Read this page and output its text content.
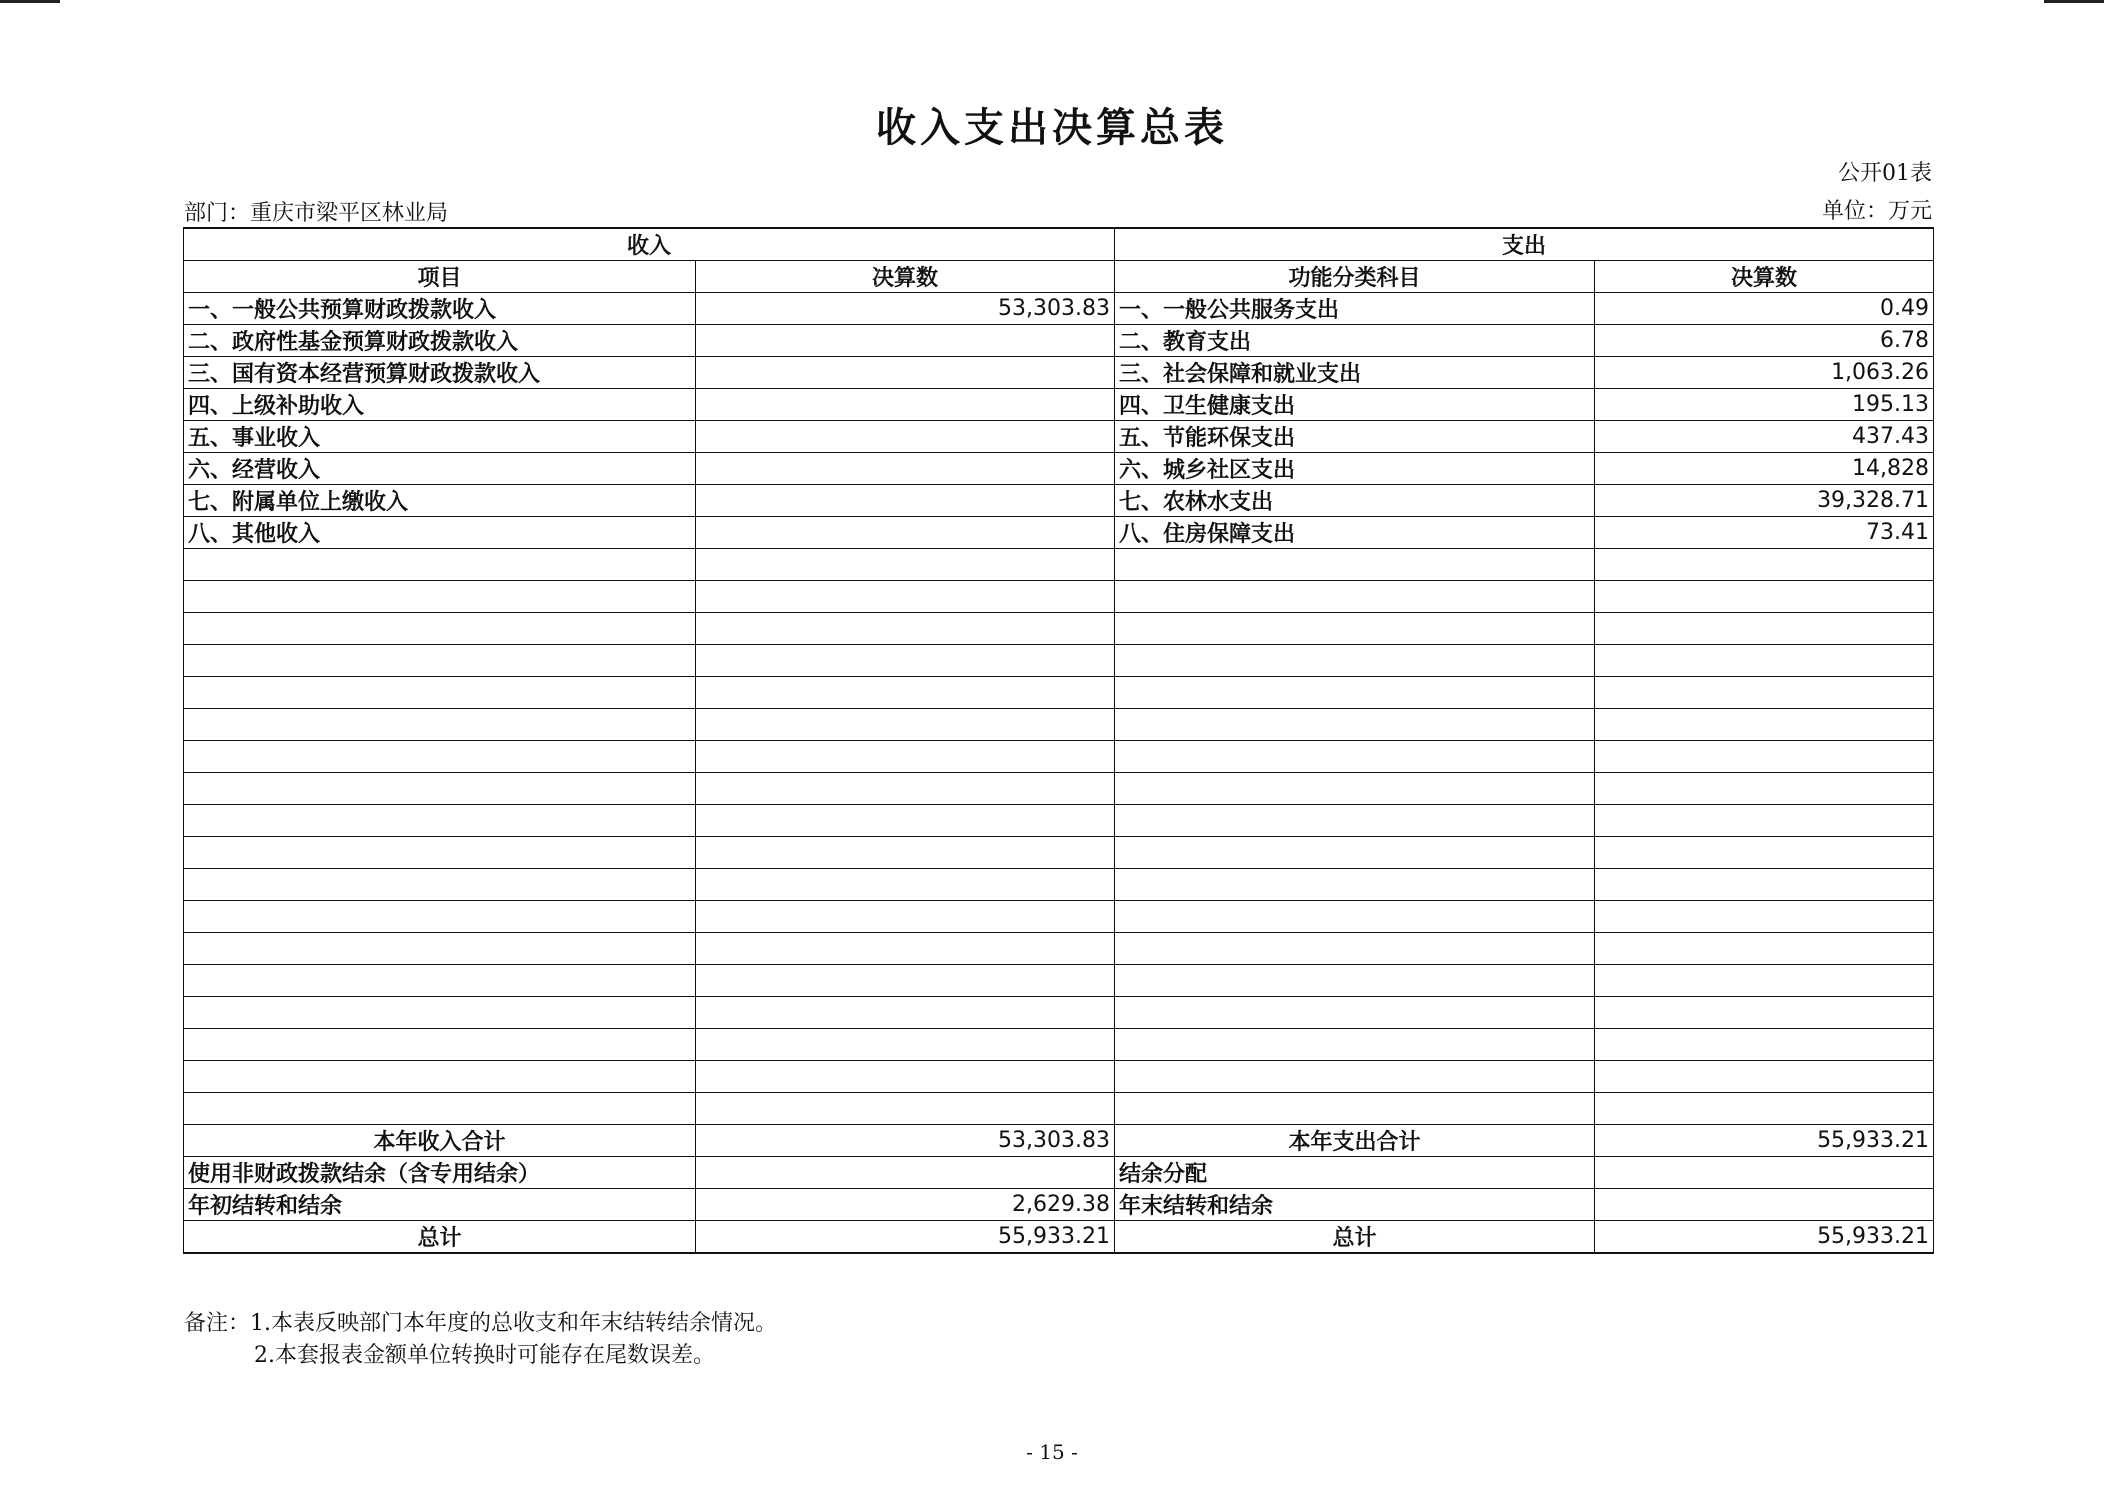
收入支出决算总表
公开01表
部门：重庆市梁平区林业局	单位：万元
收入		支出	
项目	决算数	功能分类科目	决算数
一、一般公共预算财政拨款收入	53,303.83	一、一般公共服务支出	0.49
二、政府性基金预算财政拨款收入		二、教育支出	6.78
三、国有资本经营预算财政拨款收入		三、社会保障和就业支出	1,063.26
四、上级补助收入		四、卫生健康支出	195.13
五、事业收入		五、节能环保支出	437.43
六、经营收入		六、城乡社区支出	14,828
七、附属单位上缴收入		七、农林水支出	39,328.71
八、其他收入		八、住房保障支出	73.41

本年收入合计	53,303.83	本年支出合计	55,933.21
使用非财政拨款结余（含专用结余）		结余分配	
年初结转和结余	2,629.38	年末结转和结余	
总计	55,933.21	总计	55,933.21
备注：1.本表反映部门本年度的总收支和年末结转结余情况。
2.本套报表金额单位转换时可能存在尾数误差。
- 15 -
